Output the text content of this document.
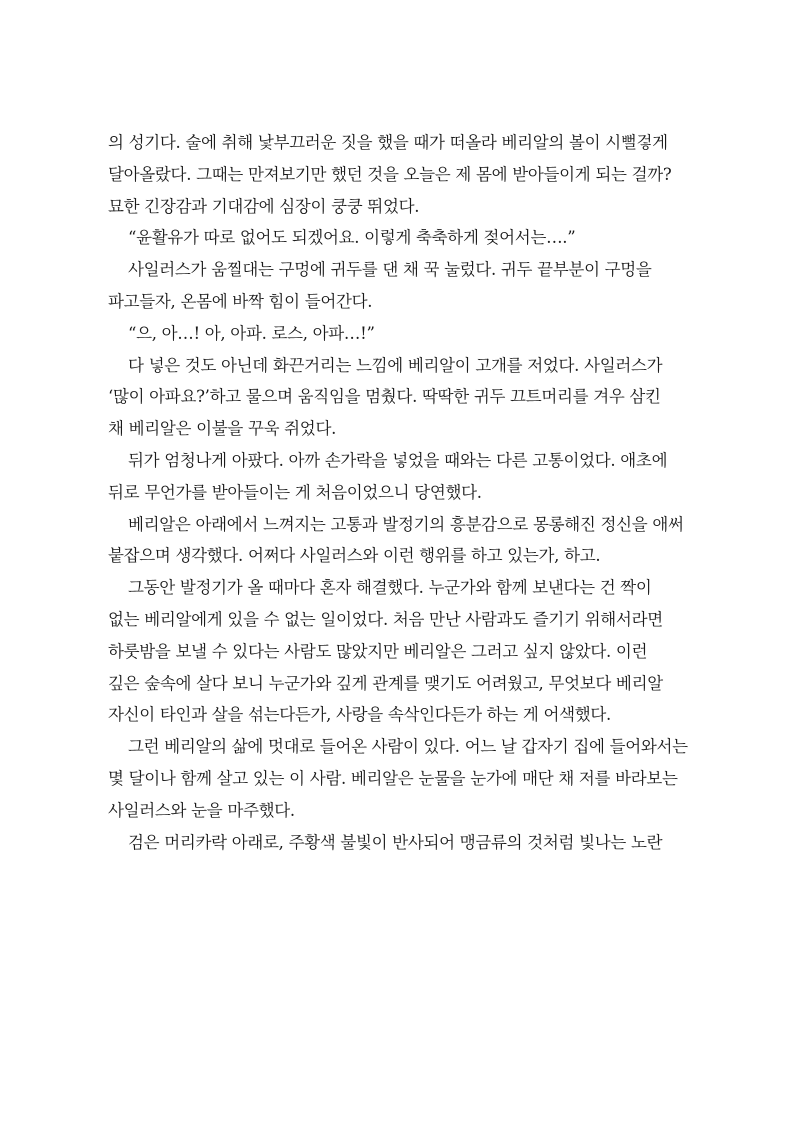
의 성기다. 술에 취해 낯부끄러운 짓을 했을 때가 떠올라 베리알의 볼이 시뻘겋게
달아올랐다. 그때는 만져보기만 했던 것을 오늘은 제 몸에 받아들이게 되는 걸까?
묘한 긴장감과 기대감에 심장이 쿵쿵 뛰었다.
“윤활유가 따로 없어도 되겠어요. 이렇게 축축하게 젖어서는….”
사일러스가 움찔대는 구멍에 귀두를 댄 채 꾹 눌렀다. 귀두 끝부분이 구멍을
파고들자, 온몸에 바짝 힘이 들어간다.
“으, 아…! 아, 아파. 로스, 아파…!”
다 넣은 것도 아닌데 화끈거리는 느낌에 베리알이 고개를 저었다. 사일러스가
‘많이 아파요?’하고 물으며 움직임을 멈췄다. 딱딱한 귀두 끄트머리를 겨우 삼킨
채 베리알은 이불을 꾸욱 쥐었다.
뒤가 엄청나게 아팠다. 아까 손가락을 넣었을 때와는 다른 고통이었다. 애초에
뒤로 무언가를 받아들이는 게 처음이었으니 당연했다.
베리알은 아래에서 느껴지는 고통과 발정기의 흥분감으로 몽롱해진 정신을 애써
붙잡으며 생각했다. 어쩌다 사일러스와 이런 행위를 하고 있는가, 하고.
그동안 발정기가 올 때마다 혼자 해결했다. 누군가와 함께 보낸다는 건 짝이
없는 베리알에게 있을 수 없는 일이었다. 처음 만난 사람과도 즐기기 위해서라면
하룻밤을 보낼 수 있다는 사람도 많았지만 베리알은 그러고 싶지 않았다. 이런
깊은 숲속에 살다 보니 누군가와 깊게 관계를 맺기도 어려웠고, 무엇보다 베리알
자신이 타인과 살을 섞는다든가, 사랑을 속삭인다든가 하는 게 어색했다.
그런 베리알의 삶에 멋대로 들어온 사람이 있다. 어느 날 갑자기 집에 들어와서는
몇 달이나 함께 살고 있는 이 사람. 베리알은 눈물을 눈가에 매단 채 저를 바라보는
사일러스와 눈을 마주했다.
검은 머리카락 아래로, 주황색 불빛이 반사되어 맹금류의 것처럼 빛나는 노란
